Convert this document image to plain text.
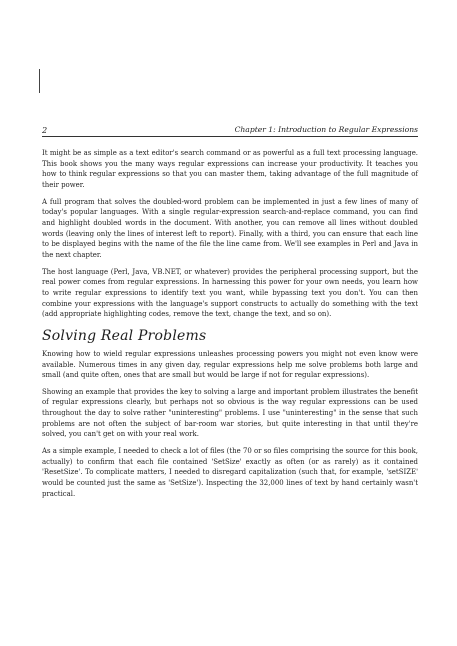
2	Chapter 1: Introduction to Regular Expressions

It might be as simple as a text editor's search command or as powerful as a full text processing language. This book shows you the many ways regular expressions can increase your productivity. It teaches you how to think regular expressions so that you can master them, taking advantage of the full magnitude of their power.

A full program that solves the doubled-word problem can be implemented in just a few lines of many of today's popular languages. With a single regular-expression search-and-replace command, you can find and highlight doubled words in the document. With another, you can remove all lines without doubled words (leaving only the lines of interest left to report). Finally, with a third, you can ensure that each line to be displayed begins with the name of the file the line came from. We'll see examples in Perl and Java in the next chapter.

The host language (Perl, Java, VB.NET, or whatever) provides the peripheral processing support, but the real power comes from regular expressions. In harnessing this power for your own needs, you learn how to write regular expressions to identify text you want, while bypassing text you don't. You can then combine your expressions with the language's support constructs to actually do something with the text (add appropriate highlighting codes, remove the text, change the text, and so on).

Solving Real Problems

Knowing how to wield regular expressions unleashes processing powers you might not even know were available. Numerous times in any given day, regular expressions help me solve problems both large and small (and quite often, ones that are small but would be large if not for regular expressions).

Showing an example that provides the key to solving a large and important problem illustrates the benefit of regular expressions clearly, but perhaps not so obvious is the way regular expressions can be used throughout the day to solve rather "uninteresting" problems. I use "uninteresting" in the sense that such problems are not often the subject of bar-room war stories, but quite interesting in that until they're solved, you can't get on with your real work.

As a simple example, I needed to check a lot of files (the 70 or so files comprising the source for this book, actually) to confirm that each file contained 'SetSize' exactly as often (or as rarely) as it contained 'ResetSize'. To complicate matters, I needed to disregard capitalization (such that, for example, 'setSIZE' would be counted just the same as 'SetSize'). Inspecting the 32,000 lines of text by hand certainly wasn't practical.
